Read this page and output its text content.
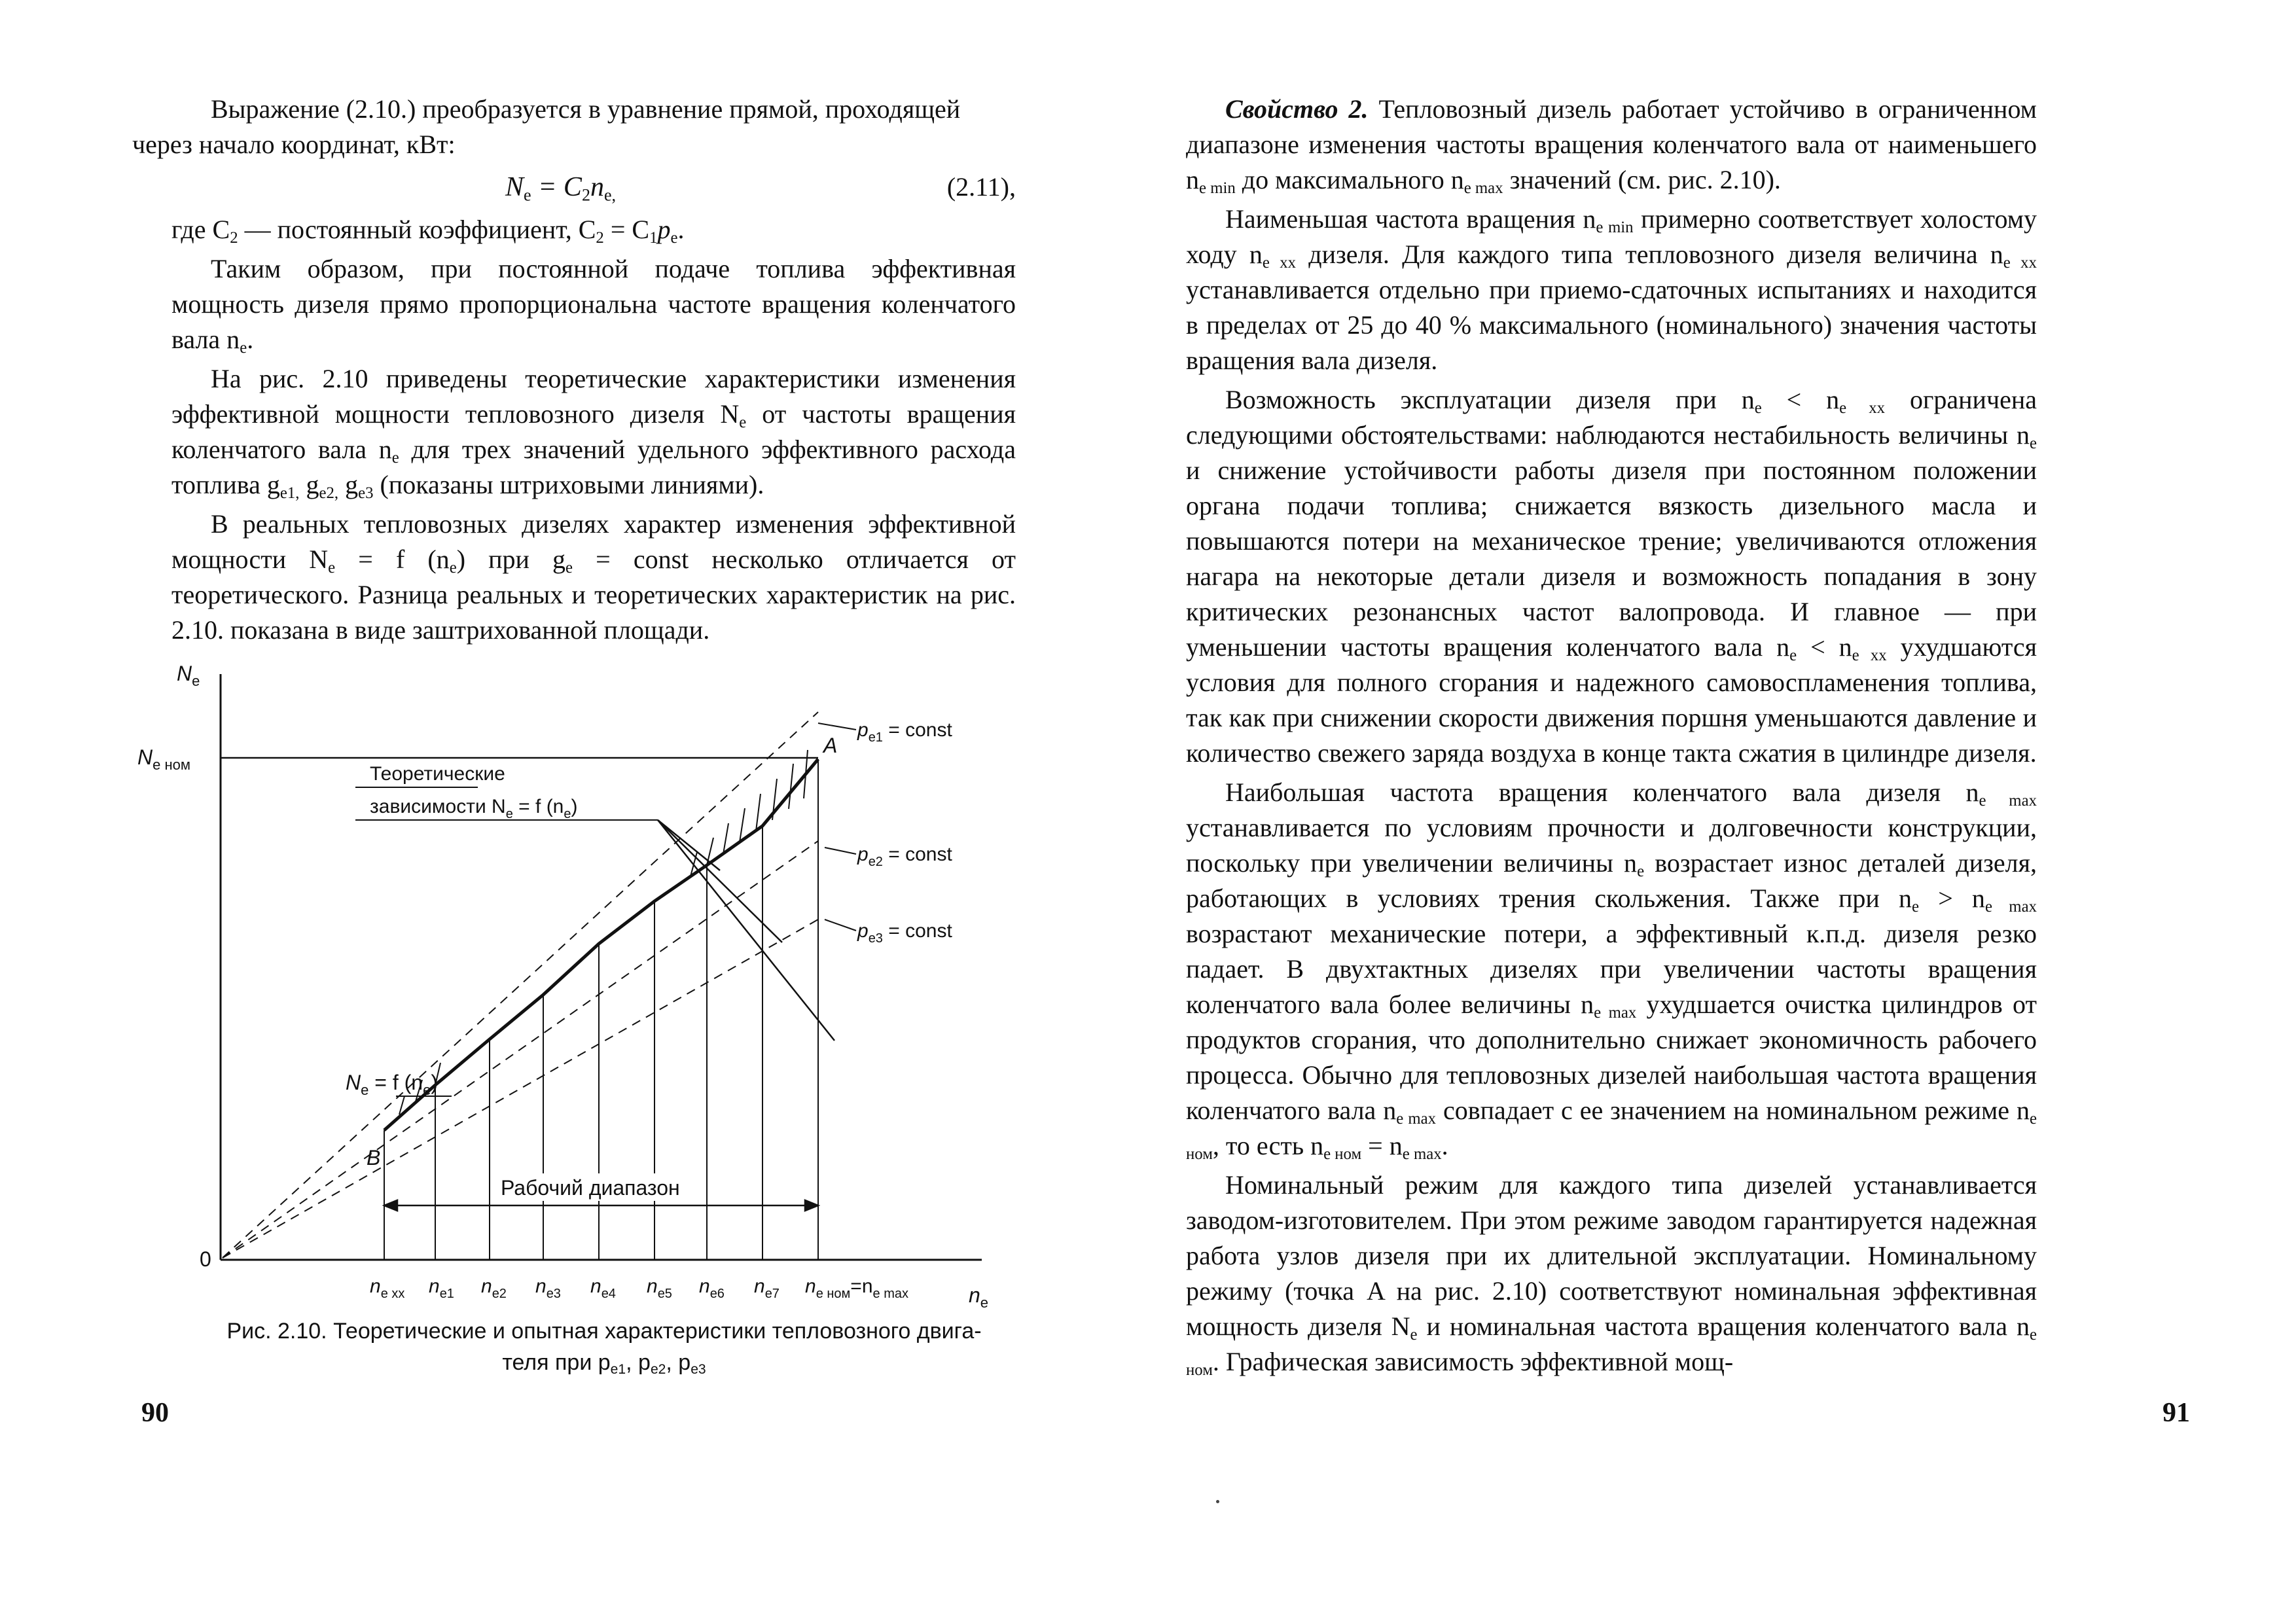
Выражение (2.10.) преобразуется в уравнение прямой, проходящей
через начало координат, кВт:

$N_e = C_2n_{e,}$	(2.11),

где $C_2$ — постоянный коэффициент, $C_2 = C_1p_e$.

Таким образом, при постоянной подаче топлива эффективная мощность дизеля прямо пропорциональна частоте вращения коленчатого вала $n_e$.

На рис. 2.10 приведены теоретические характеристики изменения эффективной мощности тепловозного дизеля $N_e$ от частоты вращения коленчатого вала $n_e$ для трех значений удельного эффективного расхода топлива $g_{e1,}$ $g_{e2,}$ $g_{e3}$ (показаны штриховыми линиями).

В реальных тепловозных дизелях характер изменения эффективной мощности $N_e = f$ $(n_e)$ при $g_e$ = const несколько отличается от теоретического. Разница реальных и теоретических характеристик на рис. 2.10. показана в виде заштрихованной площади.

$N_e$
$N_{e ном}$
0
$n_e$
$n_{e xx}$ $n_{e1}$ $n_{e2}$ $n_{e3}$ $n_{e4}$ $n_{e5}$ $n_{e6}$ $n_{e7}$ $n_{e ном}=n_{e max}$
Теоретические
зависимости $N_e = f$ $(n_e)$
$N_e = f$ $(n_e)$
A
B
$p_{e1}$ = const
$p_{e2}$ = const
$p_{e3}$ = const
Рабочий диапазон
Рис. 2.10. Теоретические и опытная характеристики тепловозного двига-
теля при $p_{e1}$, $p_{e2}$, $p_{e3}$
90

Свойство 2. Тепловозный дизель работает устойчиво в ограниченном диапазоне изменения частоты вращения коленчатого вала от наименьшего $n_{e min}$ до максимального $n_{e max}$ значений (см. рис. 2.10).

Наименьшая частота вращения $n_{e min}$ примерно соответствует холостому ходу $n_{e xx}$ дизеля. Для каждого типа тепловозного дизеля величина $n_{e xx}$ устанавливается отдельно при приемо-сдаточных испытаниях и находится в пределах от 25 до 40 % максимального (номинального) значения частоты вращения вала дизеля.

Возможность эксплуатации дизеля при $n_e < n_{e xx}$ ограничена следующими обстоятельствами: наблюдаются нестабильность величины $n_e$ и снижение устойчивости работы дизеля при постоянном положении органа подачи топлива; снижается вязкость дизельного масла и повышаются потери на механическое трение; увеличиваются отложения нагара на некоторые детали дизеля и возможность попадания в зону критических резонансных частот валопровода. И главное — при уменьшении частоты вращения коленчатого вала $n_e < n_{e xx}$ ухудшаются условия для полного сгорания и надежного самовоспламенения топлива, так как при снижении скорости движения поршня уменьшаются давление и количество свежего заряда воздуха в конце такта сжатия в цилиндре дизеля.

Наибольшая частота вращения коленчатого вала дизеля $n_{e max}$ устанавливается по условиям прочности и долговечности конструкции, поскольку при увеличении величины $n_e$ возрастает износ деталей дизеля, работающих в условиях трения скольжения. Также при $n_e > n_{e max}$ возрастают механические потери, а эффективный к.п.д. дизеля резко падает. В двухтактных дизелях при увеличении частоты вращения коленчатого вала более величины $n_{e max}$ ухудшается очистка цилиндров от продуктов сгорания, что дополнительно снижает экономичность рабочего процесса. Обычно для тепловозных дизелей наибольшая частота вращения коленчатого вала $n_{e max}$ совпадает с ее значением на номинальном режиме $n_{e ном}$, то есть $n_{e ном} = n_{e max}$.

Номинальный режим для каждого типа дизелей устанавливается заводом-изготовителем. При этом режиме заводом гарантируется надежная работа узлов дизеля при их длительной эксплуатации. Номинальному режиму (точка A на рис. 2.10) соответствуют номинальная эффективная мощность дизеля $N_e$ и номинальная частота вращения коленчатого вала $n_{e ном}$. Графическая зависимость эффективной мощ-

91
